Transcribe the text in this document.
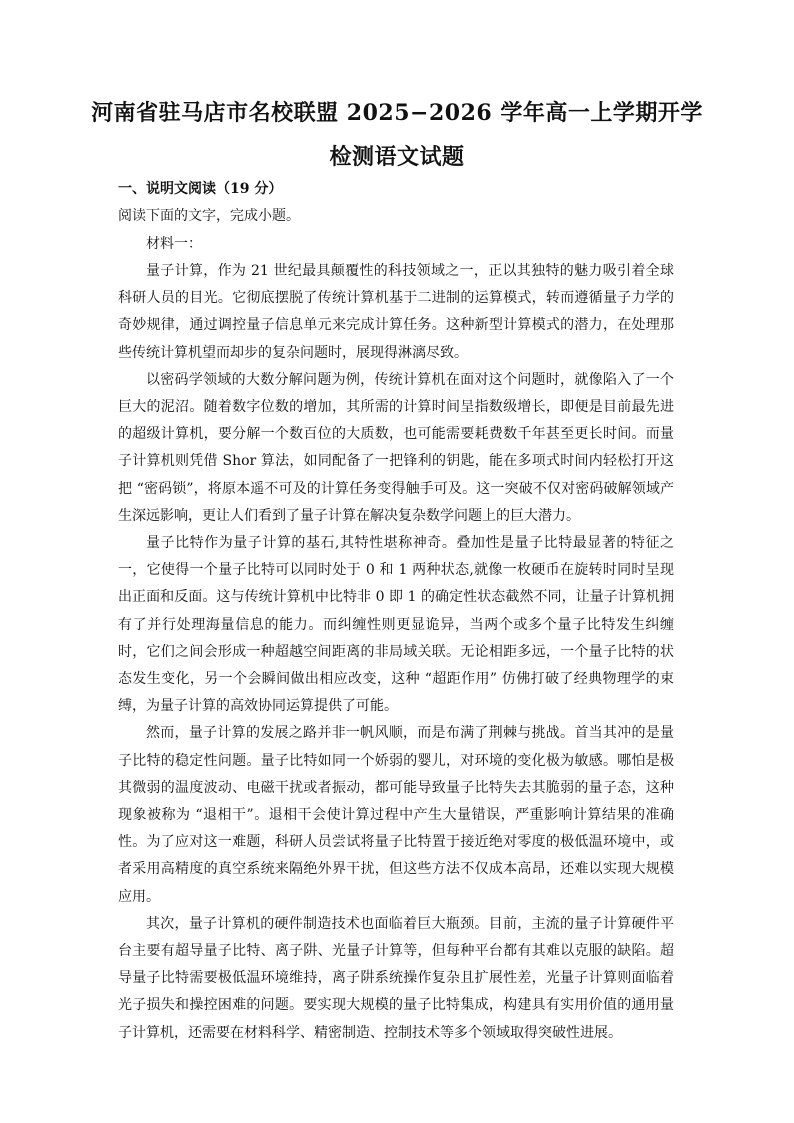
河南省驻马店市名校联盟 2025−2026 学年高一上学期开学
检测语文试题
一、说明文阅读（19 分）
阅读下面的文字，完成小题。
材料一：

量子计算，作为 21 世纪最具颠覆性的科技领域之一，正以其独特的魅力吸引着全球科研人员的目光。它彻底摆脱了传统计算机基于二进制的运算模式，转而遵循量子力学的奇妙规律，通过调控量子信息单元来完成计算任务。这种新型计算模式的潜力，在处理那些传统计算机望而却步的复杂问题时，展现得淋漓尽致。

以密码学领域的大数分解问题为例，传统计算机在面对这个问题时，就像陷入了一个巨大的泥沼。随着数字位数的增加，其所需的计算时间呈指数级增长，即便是目前最先进的超级计算机，要分解一个数百位的大质数，也可能需要耗费数千年甚至更长时间。而量子计算机则凭借 Shor 算法，如同配备了一把锋利的钥匙，能在多项式时间内轻松打开这把 “密码锁”，将原本遥不可及的计算任务变得触手可及。这一突破不仅对密码破解领域产生深远影响，更让人们看到了量子计算在解决复杂数学问题上的巨大潜力。

量子比特作为量子计算的基石,其特性堪称神奇。叠加性是量子比特最显著的特征之一，它使得一个量子比特可以同时处于 0 和 1 两种状态,就像一枚硬币在旋转时同时呈现出正面和反面。这与传统计算机中比特非 0 即 1 的确定性状态截然不同，让量子计算机拥有了并行处理海量信息的能力。而纠缠性则更显诡异，当两个或多个量子比特发生纠缠时，它们之间会形成一种超越空间距离的非局域关联。无论相距多远，一个量子比特的状态发生变化，另一个会瞬间做出相应改变，这种 “超距作用” 仿佛打破了经典物理学的束缚，为量子计算的高效协同运算提供了可能。

然而，量子计算的发展之路并非一帆风顺，而是布满了荆棘与挑战。首当其冲的是量子比特的稳定性问题。量子比特如同一个娇弱的婴儿，对环境的变化极为敏感。哪怕是极其微弱的温度波动、电磁干扰或者振动，都可能导致量子比特失去其脆弱的量子态，这种现象被称为 “退相干”。退相干会使计算过程中产生大量错误，严重影响计算结果的准确性。为了应对这一难题，科研人员尝试将量子比特置于接近绝对零度的极低温环境中，或者采用高精度的真空系统来隔绝外界干扰，但这些方法不仅成本高昂，还难以实现大规模应用。

其次，量子计算机的硬件制造技术也面临着巨大瓶颈。目前，主流的量子计算硬件平台主要有超导量子比特、离子阱、光量子计算等，但每种平台都有其难以克服的缺陷。超导量子比特需要极低温环境维持，离子阱系统操作复杂且扩展性差，光量子计算则面临着光子损失和操控困难的问题。要实现大规模的量子比特集成，构建具有实用价值的通用量子计算机，还需要在材料科学、精密制造、控制技术等多个领域取得突破性进展。
